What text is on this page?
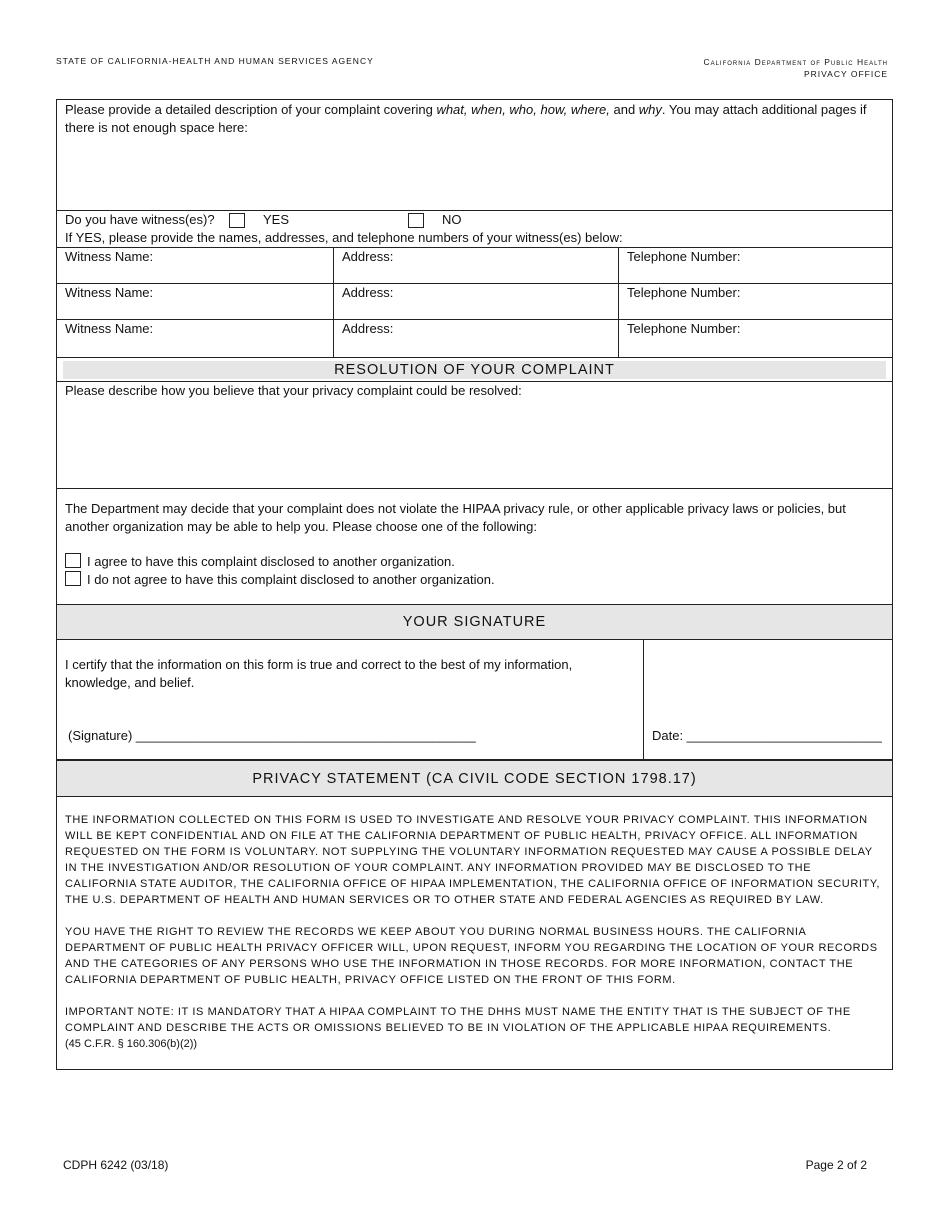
STATE OF CALIFORNIA-HEALTH AND HUMAN SERVICES AGENCY	California Department of Public Health
PRIVACY OFFICE
Please provide a detailed description of your complaint covering what, when, who, how, where, and why. You may attach additional pages if there is not enough space here:
Do you have witness(es)?	YES	NO
If YES, please provide the names, addresses, and telephone numbers of your witness(es) below:
Witness Name:	Address:	Telephone Number:
Witness Name:	Address:	Telephone Number:
Witness Name:	Address:	Telephone Number:
RESOLUTION OF YOUR COMPLAINT
Please describe how you believe that your privacy complaint could be resolved:
The Department may decide that your complaint does not violate the HIPAA privacy rule, or other applicable privacy laws or policies, but another organization may be able to help you. Please choose one of the following:
I agree to have this complaint disclosed to another organization.
I do not agree to have this complaint disclosed to another organization.
YOUR SIGNATURE
I certify that the information on this form is true and correct to the best of my information, knowledge, and belief.
(Signature) _______________________________________________	Date: ___________________________
PRIVACY STATEMENT (CA CIVIL CODE SECTION 1798.17)
THE INFORMATION COLLECTED ON THIS FORM IS USED TO INVESTIGATE AND RESOLVE YOUR PRIVACY COMPLAINT. THIS INFORMATION WILL BE KEPT CONFIDENTIAL AND ON FILE AT THE CALIFORNIA DEPARTMENT OF PUBLIC HEALTH, PRIVACY OFFICE. ALL INFORMATION REQUESTED ON THE FORM IS VOLUNTARY. NOT SUPPLYING THE VOLUNTARY INFORMATION REQUESTED MAY CAUSE A POSSIBLE DELAY IN THE INVESTIGATION AND/OR RESOLUTION OF YOUR COMPLAINT. ANY INFORMATION PROVIDED MAY BE DISCLOSED TO THE CALIFORNIA STATE AUDITOR, THE CALIFORNIA OFFICE OF HIPAA IMPLEMENTATION, THE CALIFORNIA OFFICE OF INFORMATION SECURITY, THE U.S. DEPARTMENT OF HEALTH AND HUMAN SERVICES OR TO OTHER STATE AND FEDERAL AGENCIES AS REQUIRED BY LAW.
YOU HAVE THE RIGHT TO REVIEW THE RECORDS WE KEEP ABOUT YOU DURING NORMAL BUSINESS HOURS. THE CALIFORNIA DEPARTMENT OF PUBLIC HEALTH PRIVACY OFFICER WILL, UPON REQUEST, INFORM YOU REGARDING THE LOCATION OF YOUR RECORDS AND THE CATEGORIES OF ANY PERSONS WHO USE THE INFORMATION IN THOSE RECORDS. FOR MORE INFORMATION, CONTACT THE CALIFORNIA DEPARTMENT OF PUBLIC HEALTH, PRIVACY OFFICE LISTED ON THE FRONT OF THIS FORM.
IMPORTANT NOTE: IT IS MANDATORY THAT A HIPAA COMPLAINT TO THE DHHS MUST NAME THE ENTITY THAT IS THE SUBJECT OF THE COMPLAINT AND DESCRIBE THE ACTS OR OMISSIONS BELIEVED TO BE IN VIOLATION OF THE APPLICABLE HIPAA REQUIREMENTS.
(45 C.F.R. § 160.306(b)(2))
CDPH 6242 (03/18)	Page 2 of 2
